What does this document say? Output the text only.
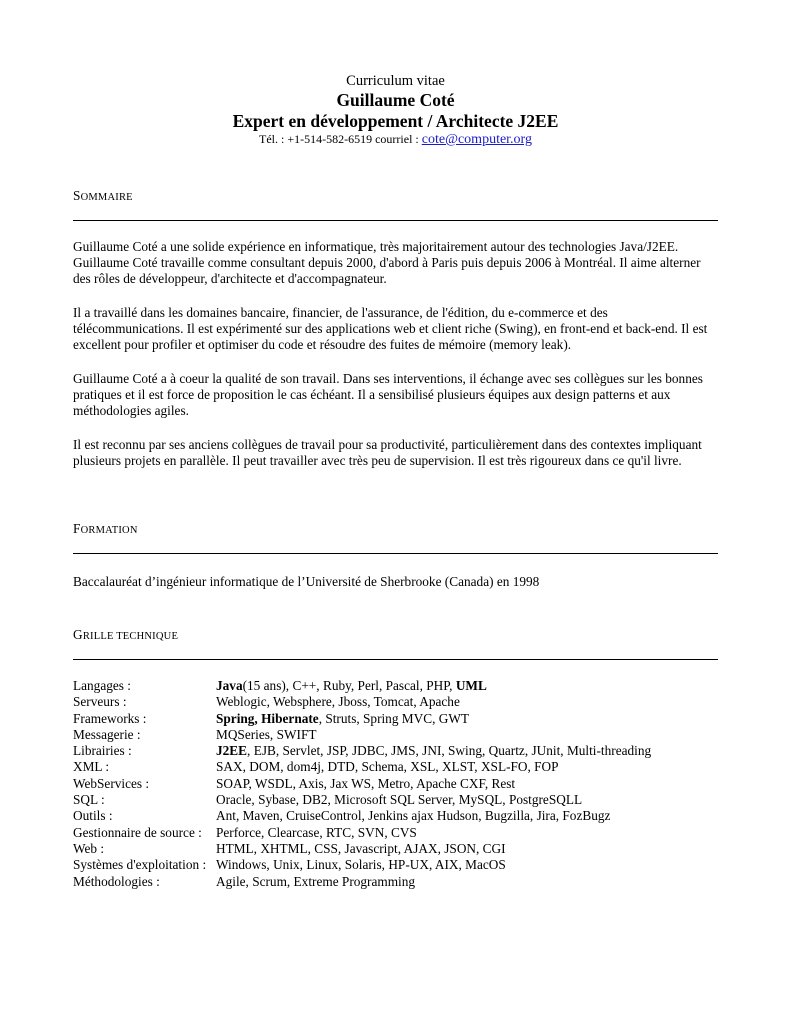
Curriculum vitae
Guillaume Coté
Expert en développement / Architecte J2EE
Tél. : +1-514-582-6519 courriel : cote@computer.org
SOMMAIRE

Guillaume Coté a une solide expérience en informatique, très majoritairement autour des technologies Java/J2EE. Guillaume Coté travaille comme consultant depuis 2000, d'abord à Paris puis depuis 2006 à Montréal. Il aime alterner des rôles de développeur, d'architecte et d'accompagnateur.

Il a travaillé dans les domaines bancaire, financier, de l'assurance, de l'édition, du e-commerce et des télécommunications. Il est expérimenté sur des applications web et client riche (Swing), en front-end et back-end. Il est excellent pour profiler et optimiser du code et résoudre des fuites de mémoire (memory leak).

Guillaume Coté a à coeur la qualité de son travail. Dans ses interventions, il échange avec ses collègues sur les bonnes pratiques et il est force de proposition le cas échéant. Il a sensibilisé plusieurs équipes aux design patterns et aux méthodologies agiles.

Il est reconnu par ses anciens collègues de travail pour sa productivité, particulièrement dans des contextes impliquant plusieurs projets en parallèle. Il peut travailler avec très peu de supervision. Il est très rigoureux dans ce qu'il livre.

FORMATION

Baccalauréat d’ingénieur informatique de l’Université de Sherbrooke (Canada) en 1998

GRILLE TECHNIQUE
Langages :	Java(15 ans), C++, Ruby, Perl, Pascal, PHP, UML
Serveurs :	Weblogic, Websphere, Jboss, Tomcat, Apache
Frameworks :	Spring, Hibernate, Struts, Spring MVC, GWT
Messagerie :	MQSeries, SWIFT
Librairies :	J2EE, EJB, Servlet, JSP, JDBC, JMS, JNI, Swing, Quartz, JUnit, Multi-threading
XML :	SAX, DOM, dom4j, DTD, Schema, XSL, XLST, XSL-FO, FOP
WebServices :	SOAP, WSDL, Axis, Jax WS, Metro, Apache CXF, Rest
SQL :	Oracle, Sybase, DB2, Microsoft SQL Server, MySQL, PostgreSQLL
Outils :	Ant, Maven, CruiseControl, Jenkins ajax Hudson, Bugzilla, Jira, FozBugz
Gestionnaire de source :	Perforce, Clearcase, RTC, SVN, CVS
Web :	HTML, XHTML, CSS, Javascript, AJAX, JSON, CGI
Systèmes d'exploitation :	Windows, Unix, Linux, Solaris, HP-UX, AIX, MacOS
Méthodologies :	Agile, Scrum, Extreme Programming
